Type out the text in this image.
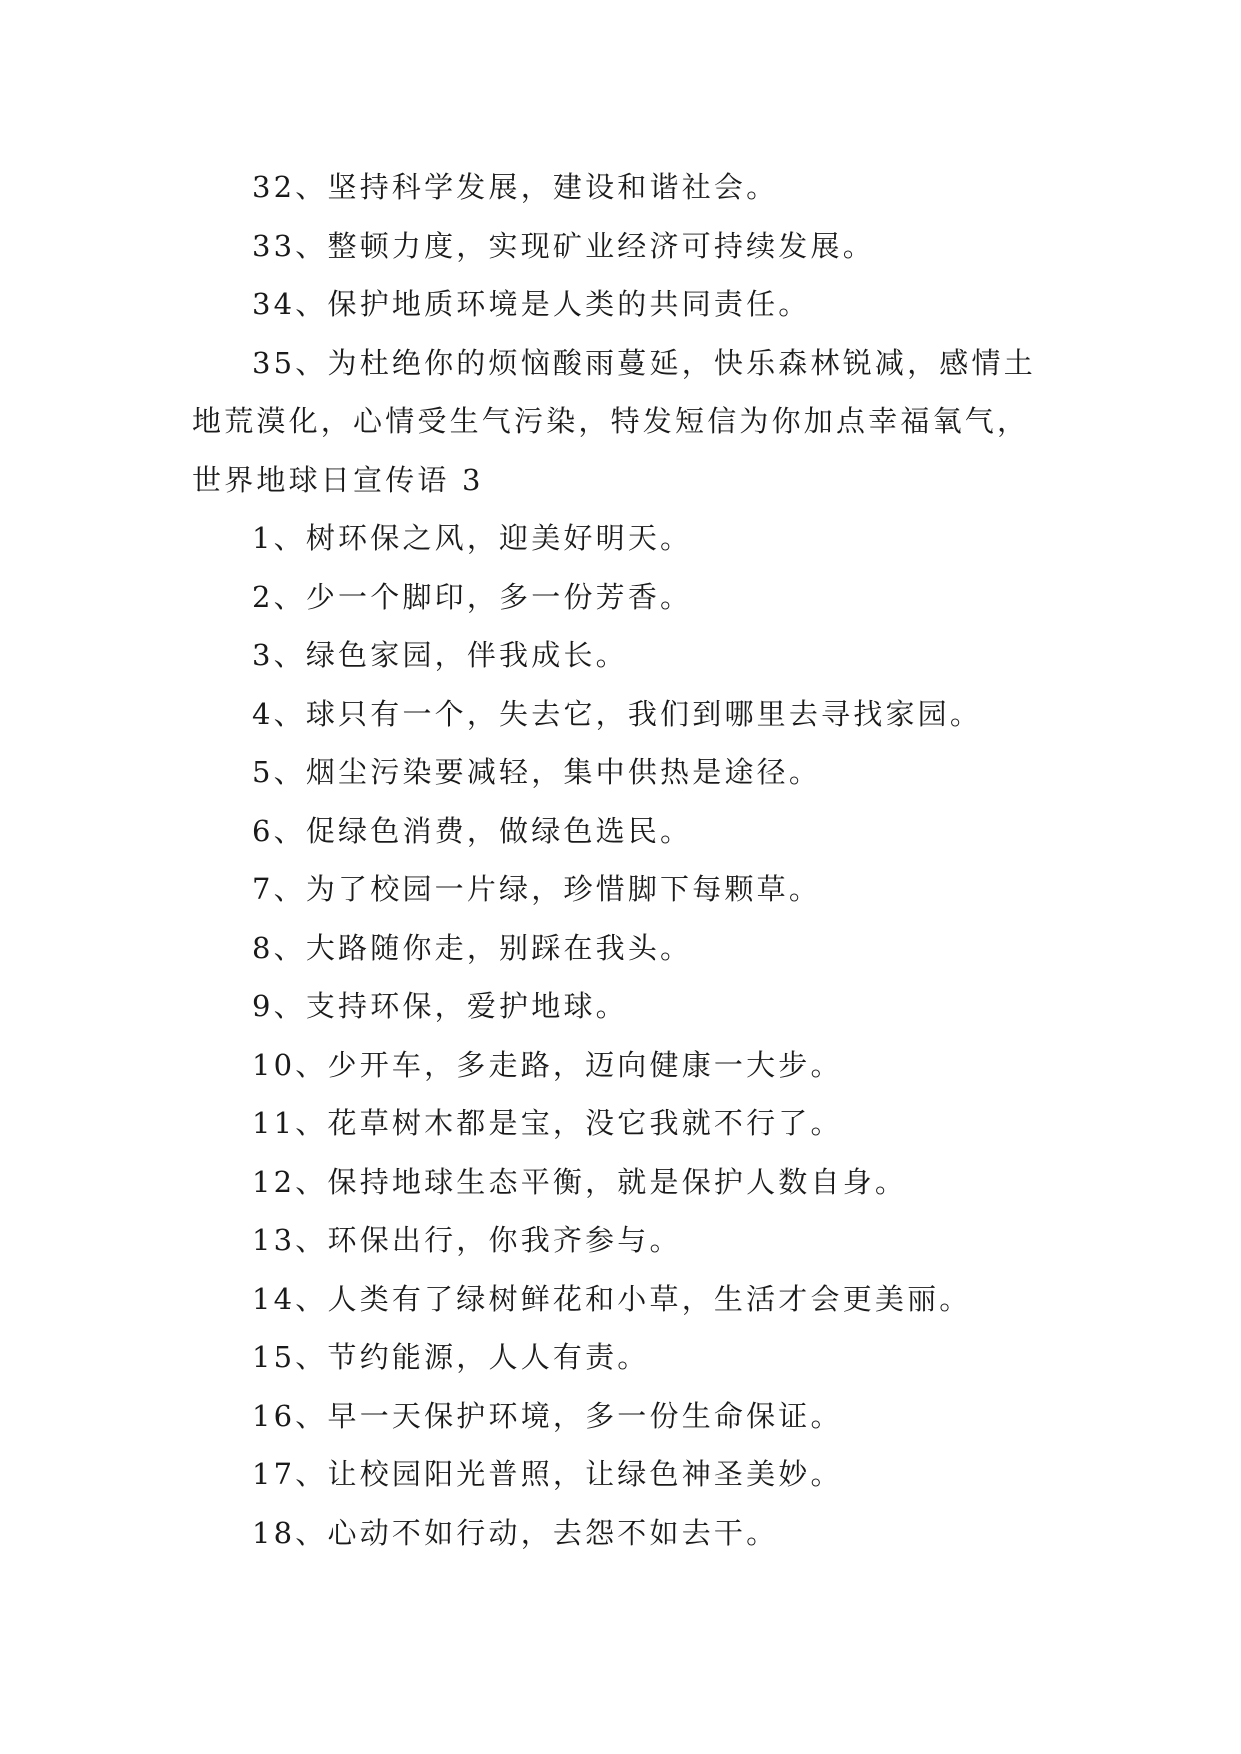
32、坚持科学发展，建设和谐社会。

33、整顿力度，实现矿业经济可持续发展。

34、保护地质环境是人类的共同责任。

35、为杜绝你的烦恼酸雨蔓延，快乐森林锐减，感情土

地荒漠化，心情受生气污染，特发短信为你加点幸福氧气，

世界地球日宣传语 3

1、树环保之风，迎美好明天。

2、少一个脚印，多一份芳香。

3、绿色家园，伴我成长。

4、球只有一个，失去它，我们到哪里去寻找家园。

5、烟尘污染要减轻，集中供热是途径。

6、促绿色消费，做绿色选民。

7、为了校园一片绿，珍惜脚下每颗草。

8、大路随你走，别踩在我头。

9、支持环保，爱护地球。

10、少开车，多走路，迈向健康一大步。

11、花草树木都是宝，没它我就不行了。

12、保持地球生态平衡，就是保护人数自身。

13、环保出行，你我齐参与。

14、人类有了绿树鲜花和小草，生活才会更美丽。

15、节约能源，人人有责。

16、早一天保护环境，多一份生命保证。

17、让校园阳光普照，让绿色神圣美妙。

18、心动不如行动，去怨不如去干。
